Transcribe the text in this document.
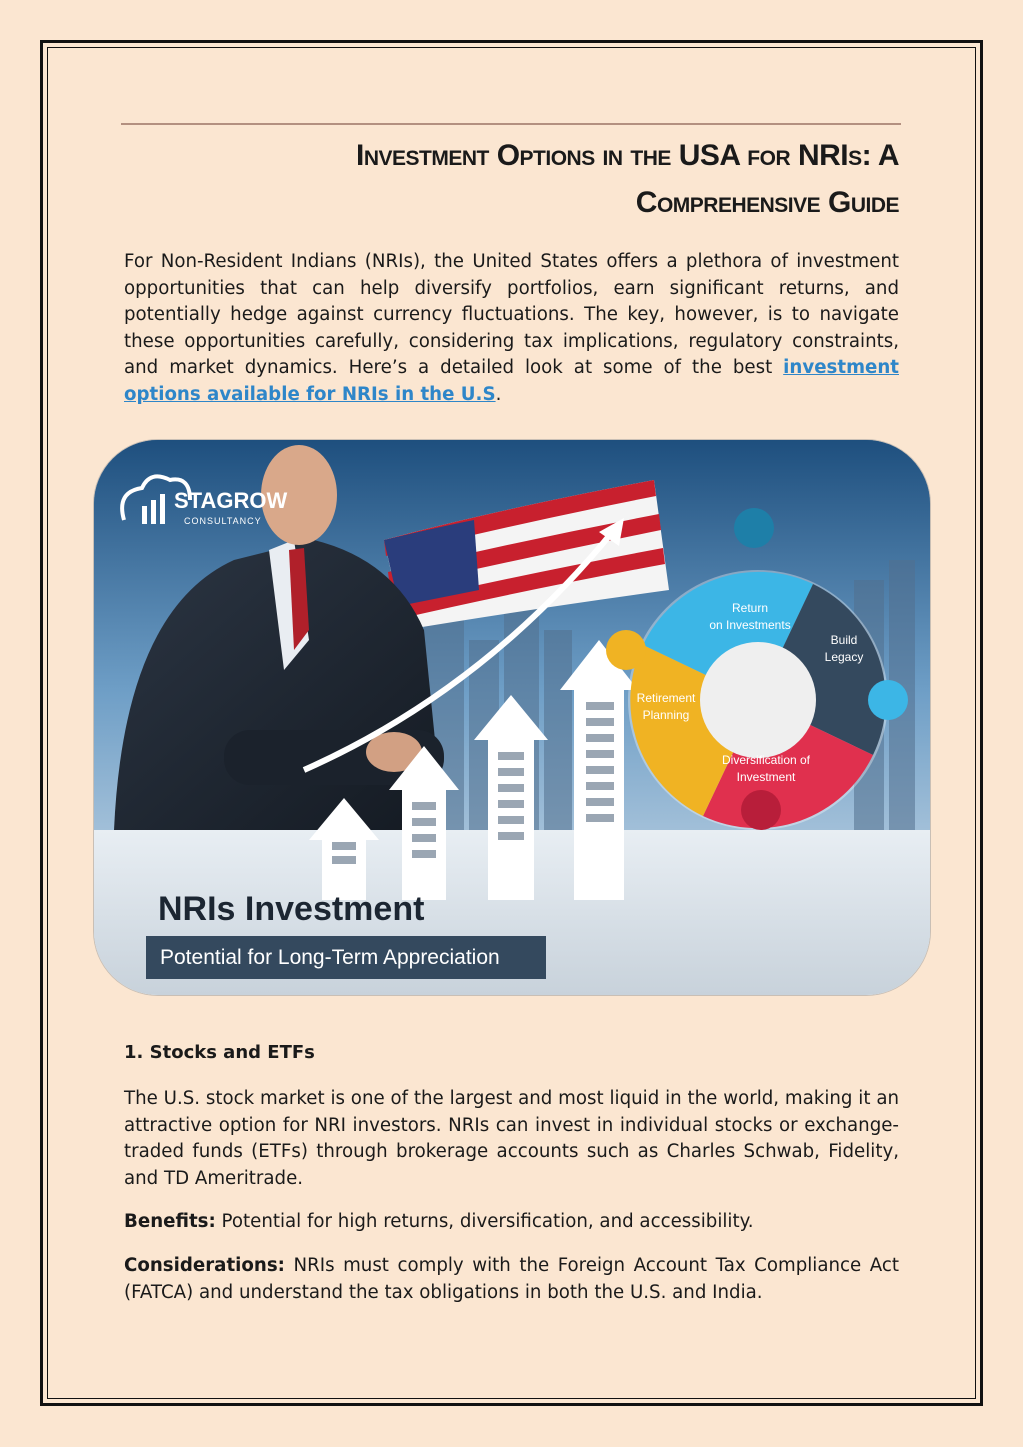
Investment Options in the USA for NRIs: A
Comprehensive Guide

For Non-Resident Indians (NRIs), the United States offers a plethora of investment opportunities that can help diversify portfolios, earn significant returns, and potentially hedge against currency fluctuations. The key, however, is to navigate these opportunities carefully, considering tax implications, regulatory constraints, and market dynamics. Here’s a detailed look at some of the best investment options available for NRIs in the U.S.

STAGROW
CONSULTANCY
Return
on Investments
Build
Legacy
Retirement
Planning
Diversification of
Investment
NRIs Investment
Potential for Long-Term Appreciation
1. Stocks and ETFs

The U.S. stock market is one of the largest and most liquid in the world, making it an attractive option for NRI investors. NRIs can invest in individual stocks or exchange-traded funds (ETFs) through brokerage accounts such as Charles Schwab, Fidelity, and TD Ameritrade.

Benefits: Potential for high returns, diversification, and accessibility.

Considerations: NRIs must comply with the Foreign Account Tax Compliance Act (FATCA) and understand the tax obligations in both the U.S. and India.
